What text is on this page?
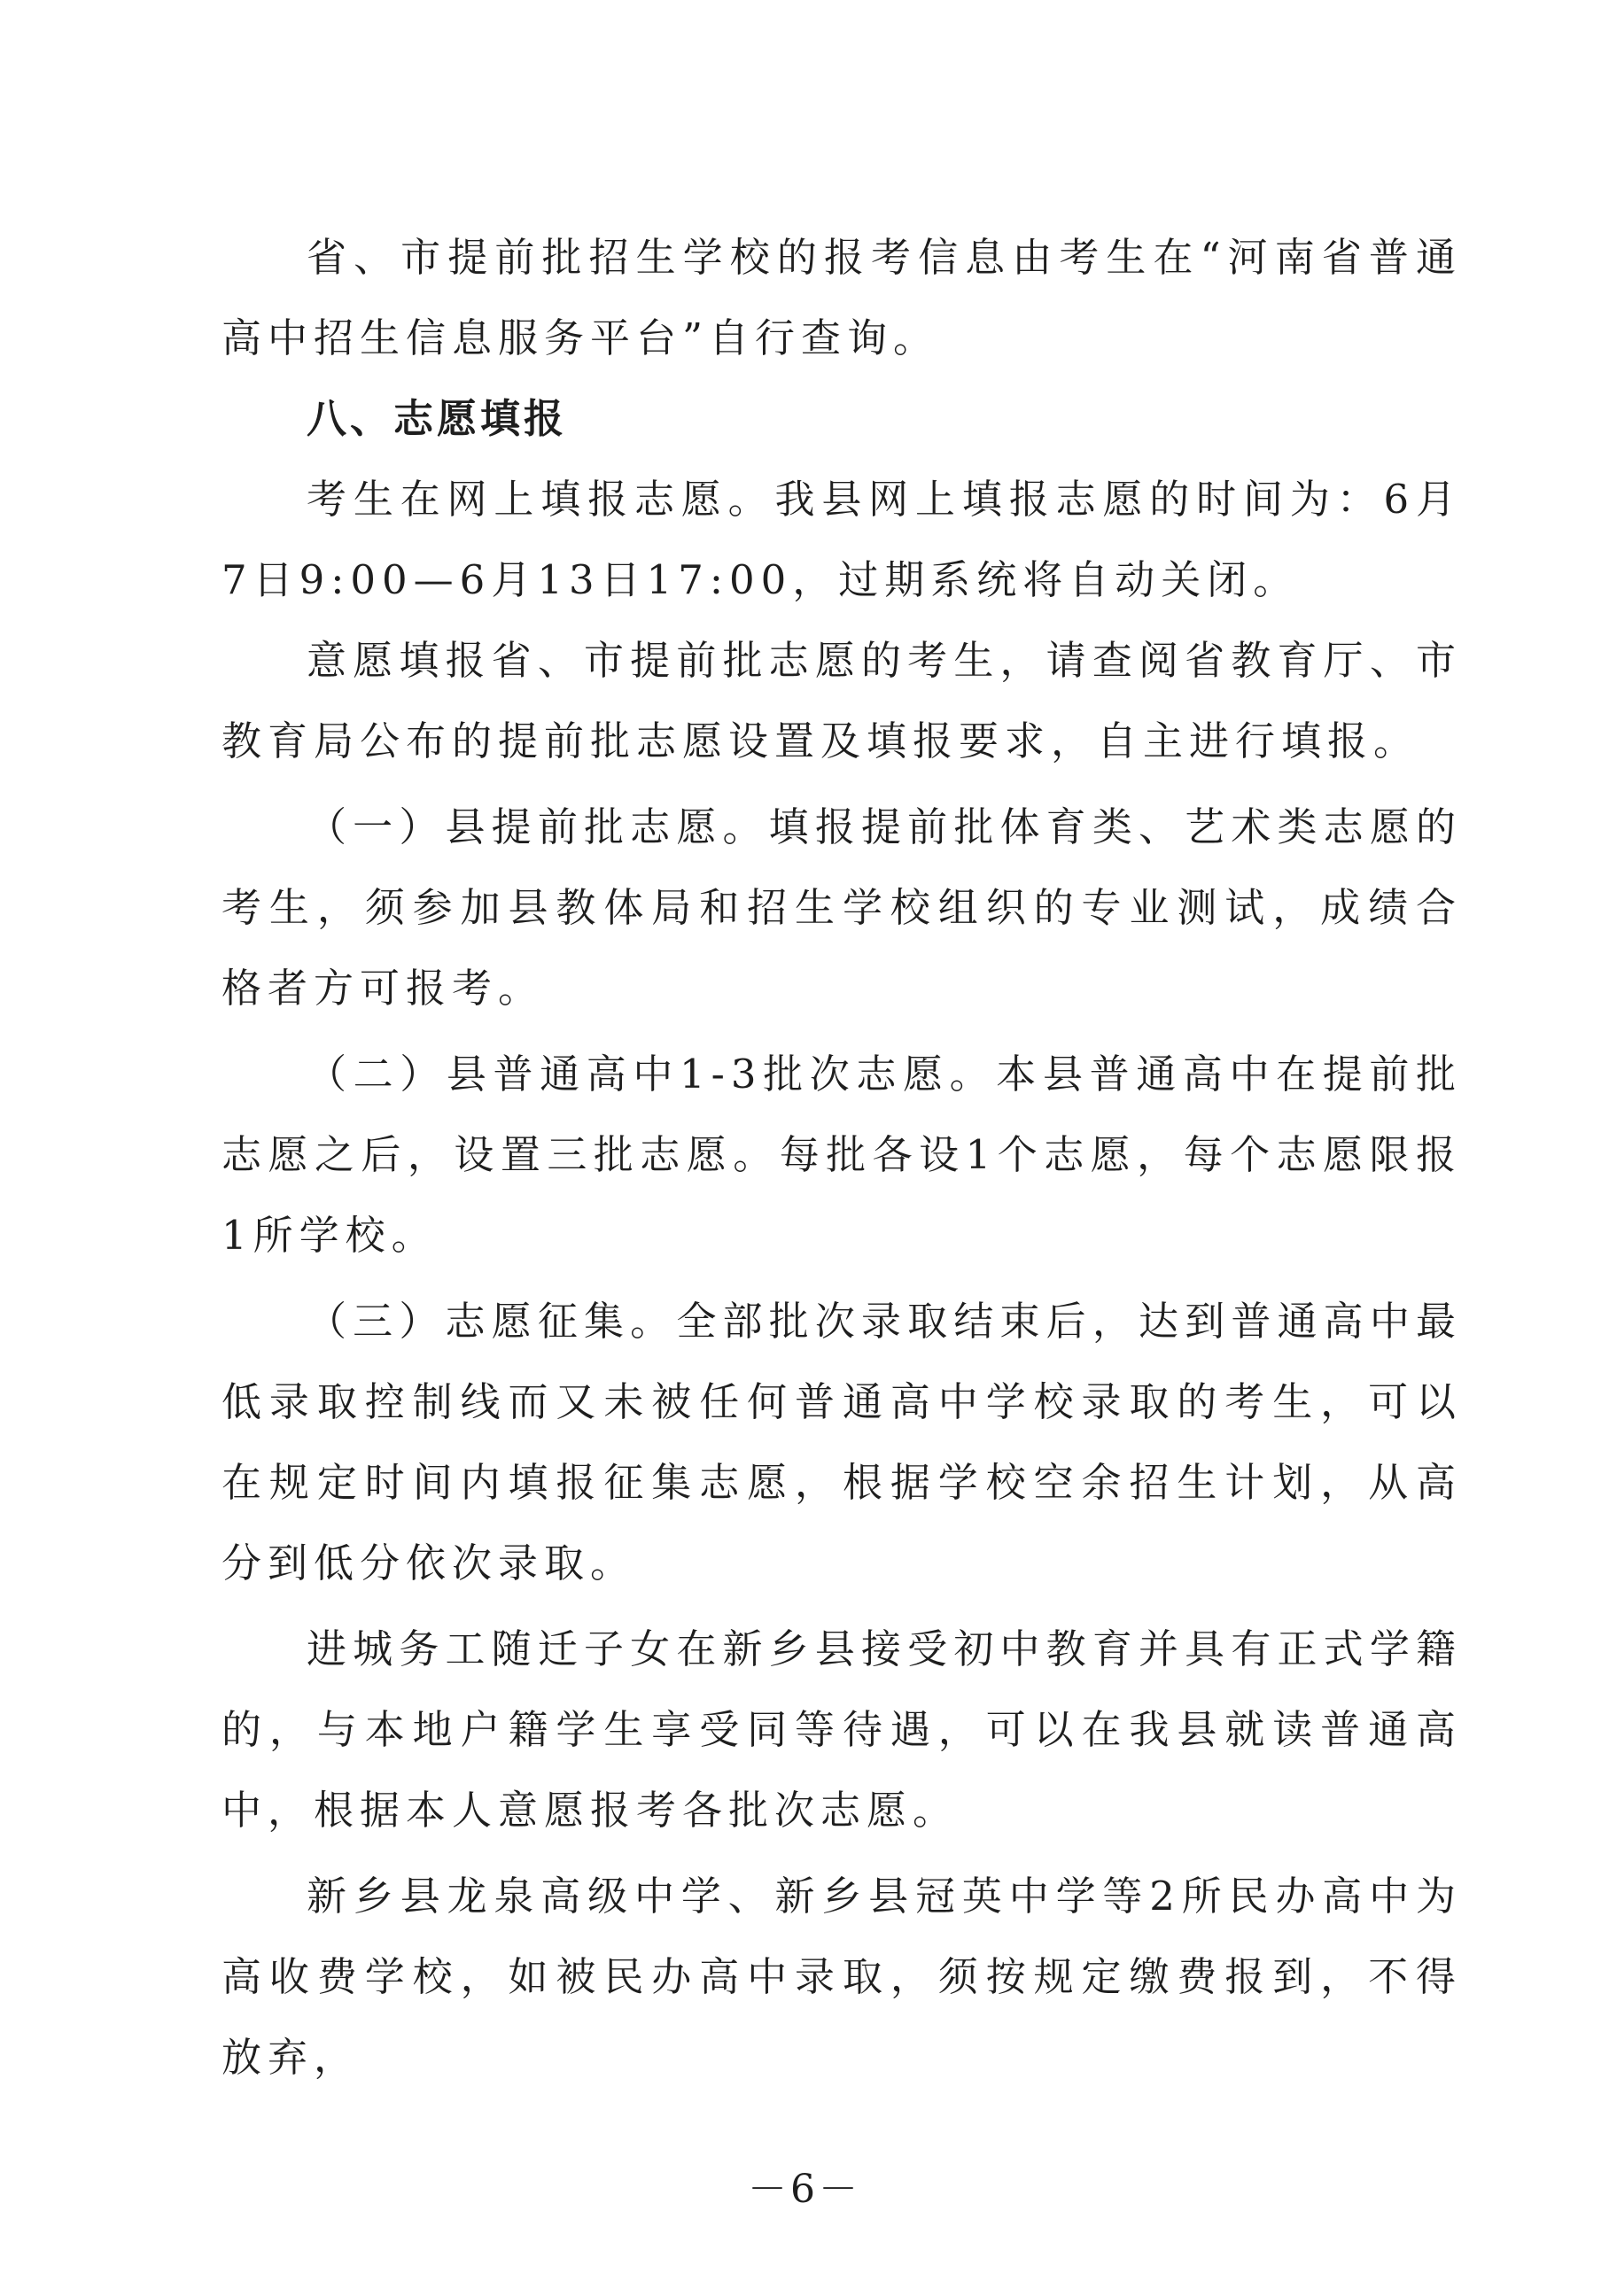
省、市提前批招生学校的报考信息由考生在“河南省普通高中招生信息服务平台”自行查询。

八、志愿填报

考生在网上填报志愿。我县网上填报志愿的时间为：6月7日9:00—6月13日17:00，过期系统将自动关闭。

意愿填报省、市提前批志愿的考生，请查阅省教育厅、市教育局公布的提前批志愿设置及填报要求，自主进行填报。

（一）县提前批志愿。填报提前批体育类、艺术类志愿的考生，须参加县教体局和招生学校组织的专业测试，成绩合格者方可报考。

（二）县普通高中1-3批次志愿。本县普通高中在提前批志愿之后，设置三批志愿。每批各设1个志愿，每个志愿限报1所学校。

（三）志愿征集。全部批次录取结束后，达到普通高中最低录取控制线而又未被任何普通高中学校录取的考生，可以在规定时间内填报征集志愿，根据学校空余招生计划，从高分到低分依次录取。

进城务工随迁子女在新乡县接受初中教育并具有正式学籍的，与本地户籍学生享受同等待遇，可以在我县就读普通高中，根据本人意愿报考各批次志愿。

新乡县龙泉高级中学、新乡县冠英中学等2所民办高中为高收费学校，如被民办高中录取，须按规定缴费报到，不得放弃，

－6－
